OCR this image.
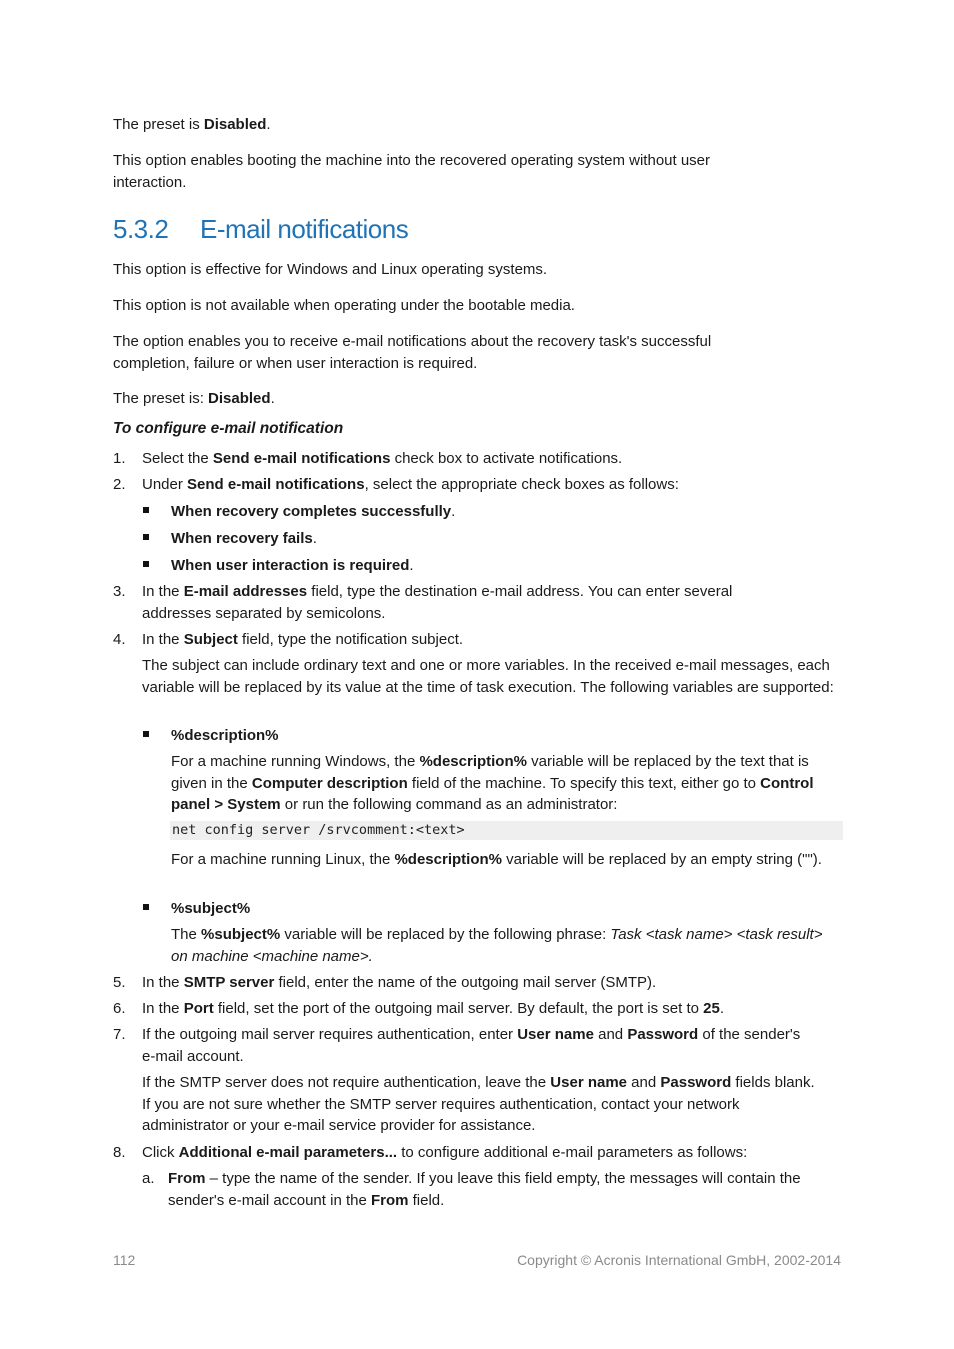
The preset is Disabled.

This option enables booting the machine into the recovered operating system without user interaction.

5.3.2 E-mail notifications

This option is effective for Windows and Linux operating systems.

This option is not available when operating under the bootable media.

The option enables you to receive e-mail notifications about the recovery task's successful completion, failure or when user interaction is required.

The preset is: Disabled.

To configure e-mail notification

1. Select the Send e-mail notifications check box to activate notifications.

2. Under Send e-mail notifications, select the appropriate check boxes as follows:

When recovery completes successfully.

When recovery fails.

When user interaction is required.

3. In the E-mail addresses field, type the destination e-mail address. You can enter several addresses separated by semicolons.

4. In the Subject field, type the notification subject.

The subject can include ordinary text and one or more variables. In the received e-mail messages, each variable will be replaced by its value at the time of task execution. The following variables are supported:

%description%

For a machine running Windows, the %description% variable will be replaced by the text that is given in the Computer description field of the machine. To specify this text, either go to Control panel > System or run the following command as an administrator:

net config server /srvcomment:<text>

For a machine running Linux, the %description% variable will be replaced by an empty string ("").

%subject%

The %subject% variable will be replaced by the following phrase: Task <task name> <task result> on machine <machine name>.

5. In the SMTP server field, enter the name of the outgoing mail server (SMTP).

6. In the Port field, set the port of the outgoing mail server. By default, the port is set to 25.

7. If the outgoing mail server requires authentication, enter User name and Password of the sender's e-mail account.

If the SMTP server does not require authentication, leave the User name and Password fields blank. If you are not sure whether the SMTP server requires authentication, contact your network administrator or your e-mail service provider for assistance.

8. Click Additional e-mail parameters... to configure additional e-mail parameters as follows:

a. From – type the name of the sender. If you leave this field empty, the messages will contain the sender's e-mail account in the From field.

112	Copyright © Acronis International GmbH, 2002-2014
